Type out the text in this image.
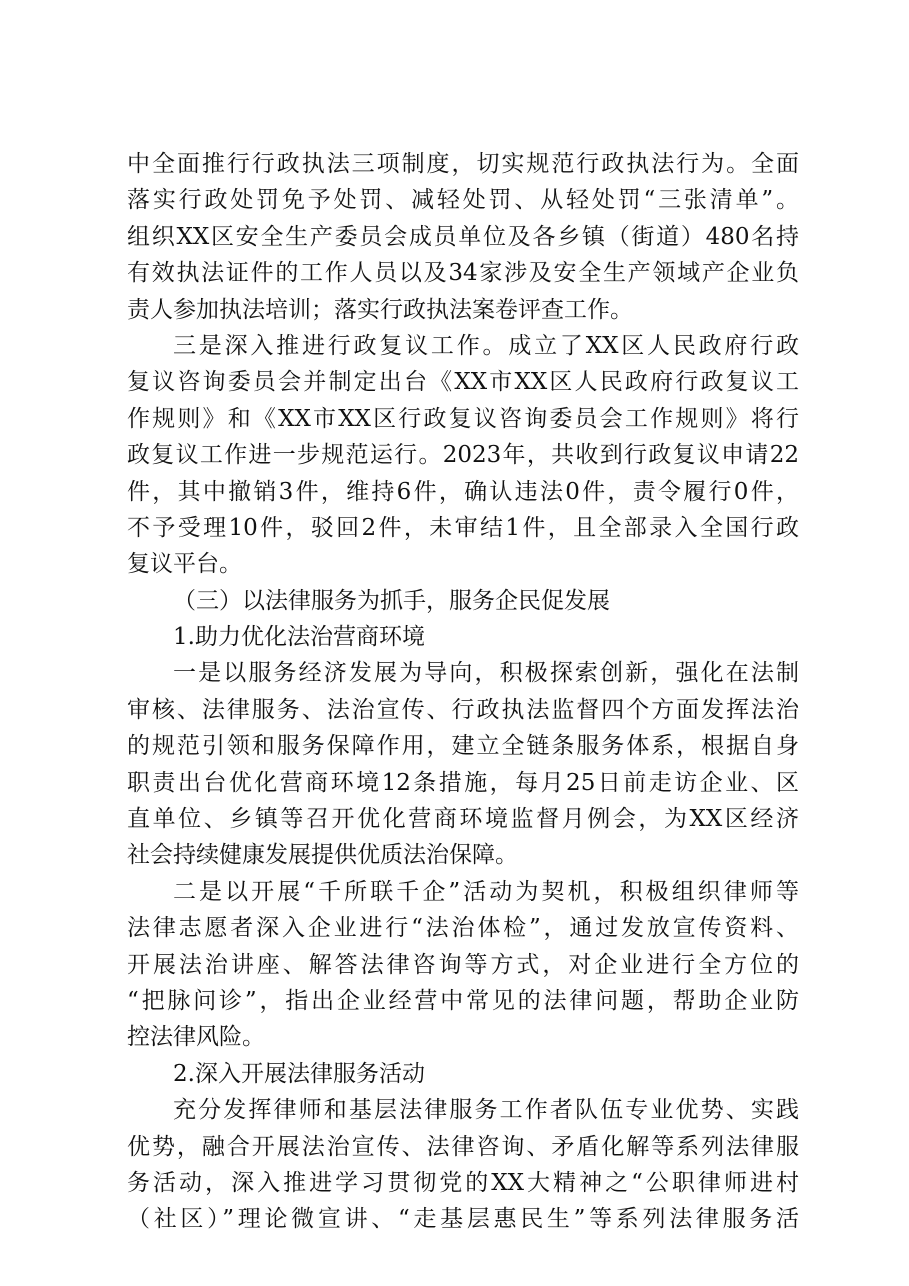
中全面推行行政执法三项制度，切实规范行政执法行为。全面
落实行政处罚免予处罚、减轻处罚、从轻处罚“三张清单”。
组织XX区安全生产委员会成员单位及各乡镇（街道）480名持
有效执法证件的工作人员以及34家涉及安全生产领域产企业负
责人参加执法培训；落实行政执法案卷评查工作。
三是深入推进行政复议工作。成立了XX区人民政府行政
复议咨询委员会并制定出台《XX市XX区人民政府行政复议工
作规则》和《XX市XX区行政复议咨询委员会工作规则》将行
政复议工作进一步规范运行。2023年，共收到行政复议申请22
件，其中撤销3件，维持6件，确认违法0件，责令履行0件，
不予受理10件，驳回2件，未审结1件，且全部录入全国行政
复议平台。
（三）以法律服务为抓手，服务企民促发展
1.助力优化法治营商环境
一是以服务经济发展为导向，积极探索创新，强化在法制
审核、法律服务、法治宣传、行政执法监督四个方面发挥法治
的规范引领和服务保障作用，建立全链条服务体系，根据自身
职责出台优化营商环境12条措施，每月25日前走访企业、区
直单位、乡镇等召开优化营商环境监督月例会，为XX区经济
社会持续健康发展提供优质法治保障。
二是以开展“千所联千企”活动为契机，积极组织律师等
法律志愿者深入企业进行“法治体检”，通过发放宣传资料、
开展法治讲座、解答法律咨询等方式，对企业进行全方位的
“把脉问诊”，指出企业经营中常见的法律问题，帮助企业防
控法律风险。
2.深入开展法律服务活动
充分发挥律师和基层法律服务工作者队伍专业优势、实践
优势，融合开展法治宣传、法律咨询、矛盾化解等系列法律服
务活动，深入推进学习贯彻党的XX大精神之“公职律师进村
（社区）”理论微宣讲、“走基层惠民生”等系列法律服务活
